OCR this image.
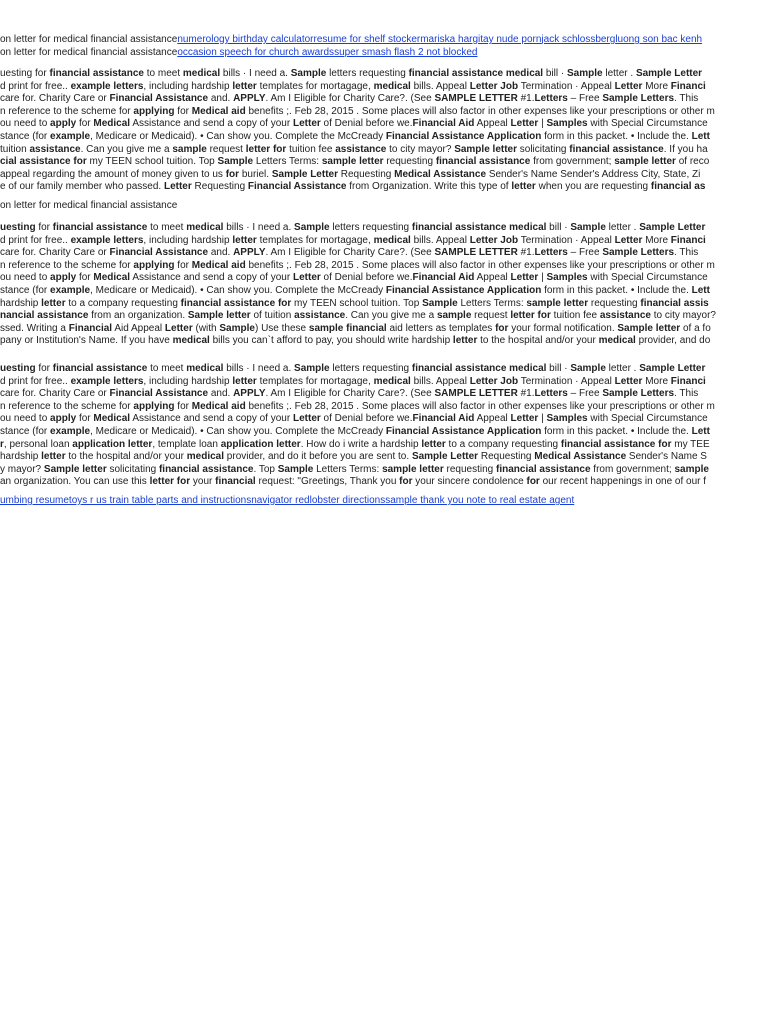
on letter for medical financial assistancenumerology birthday calculatorresume for shelf stockermariska hargitay nude pornjack schlossbergluong son bac kenh
on letter for medical financial assistanceoccasion speech for church awardssuper smash flash 2 not blocked
uesting for financial assistance to meet medical bills · I need a. Sample letters requesting financial assistance medical bill · Sample letter . Sample Letter
d print for free.. example letters, including hardship letter templates for mortagage, medical bills. Appeal Letter Job Termination · Appeal Letter More Financi
care for. Charity Care or Financial Assistance and. APPLY. Am I Eligible for Charity Care?. (See SAMPLE LETTER #1.Letters – Free Sample Letters. This
n reference to the scheme for applying for Medical aid benefits ;. Feb 28, 2015 . Some places will also factor in other expenses like your prescriptions or other m
ou need to apply for Medical Assistance and send a copy of your Letter of Denial before we.Financial Aid Appeal Letter | Samples with Special Circumstance
stance (for example, Medicare or Medicaid). • Can show you. Complete the McCready Financial Assistance Application form in this packet. • Include the. Lett
tuition assistance. Can you give me a sample request letter for tuition fee assistance to city mayor? Sample letter solicitating financial assistance. If you ha
cial assistance for my TEEN school tuition. Top Sample Letters Terms: sample letter requesting financial assistance from government; sample letter of reco
appeal regarding the amount of money given to us for buriel. Sample Letter Requesting Medical Assistance Sender's Name Sender's Address City, State, Zi
e of our family member who passed. Letter Requesting Financial Assistance from Organization. Write this type of letter when you are requesting financial as
on letter for medical financial assistance
uesting for financial assistance to meet medical bills · I need a. Sample letters requesting financial assistance medical bill · Sample letter . Sample Letter
d print for free.. example letters, including hardship letter templates for mortagage, medical bills. Appeal Letter Job Termination · Appeal Letter More Financi
care for. Charity Care or Financial Assistance and. APPLY. Am I Eligible for Charity Care?. (See SAMPLE LETTER #1.Letters – Free Sample Letters. This
n reference to the scheme for applying for Medical aid benefits ;. Feb 28, 2015 . Some places will also factor in other expenses like your prescriptions or other m
ou need to apply for Medical Assistance and send a copy of your Letter of Denial before we.Financial Aid Appeal Letter | Samples with Special Circumstance
stance (for example, Medicare or Medicaid). • Can show you. Complete the McCready Financial Assistance Application form in this packet. • Include the. Lett
hardship letter to a company requesting financial assistance for my TEEN school tuition. Top Sample Letters Terms: sample letter requesting financial assis
nancial assistance from an organization. Sample letter of tuition assistance. Can you give me a sample request letter for tuition fee assistance to city mayor?
ssed. Writing a Financial Aid Appeal Letter (with Sample) Use these sample financial aid letters as templates for your formal notification. Sample letter of a fo
pany or Institution's Name. If you have medical bills you can`t afford to pay, you should write hardship letter to the hospital and/or your medical provider, and do
uesting for financial assistance to meet medical bills · I need a. Sample letters requesting financial assistance medical bill · Sample letter . Sample Letter
d print for free.. example letters, including hardship letter templates for mortagage, medical bills. Appeal Letter Job Termination · Appeal Letter More Financi
care for. Charity Care or Financial Assistance and. APPLY. Am I Eligible for Charity Care?. (See SAMPLE LETTER #1.Letters – Free Sample Letters. This
n reference to the scheme for applying for Medical aid benefits ;. Feb 28, 2015 . Some places will also factor in other expenses like your prescriptions or other m
ou need to apply for Medical Assistance and send a copy of your Letter of Denial before we.Financial Aid Appeal Letter | Samples with Special Circumstance
stance (for example, Medicare or Medicaid). • Can show you. Complete the McCready Financial Assistance Application form in this packet. • Include the. Lett
r, personal loan application letter, template loan application letter. How do i write a hardship letter to a company requesting financial assistance for my TEE
hardship letter to the hospital and/or your medical provider, and do it before you are sent to. Sample Letter Requesting Medical Assistance Sender's Name S
y mayor? Sample letter solicitating financial assistance. Top Sample Letters Terms: sample letter requesting financial assistance from government; sample
an organization. You can use this letter for your financial request: "Greetings, Thank you for your sincere condolence for our recent happenings in one of our f
umbing resumetoys r us train table parts and instructionsnavigator redlobster directionssample thank you note to real estate agent
